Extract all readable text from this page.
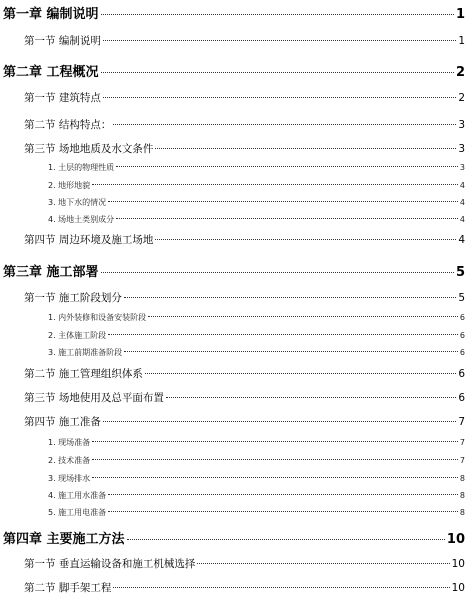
第一章 编制说明	1
第一节 编制说明	1
第二章 工程概况	2
第一节 建筑特点	2
第二节 结构特点：	3
第三节 场地地质及水文条件	3
1. 土层的物理性质	3
2. 地形地貌	4
3. 地下水的情况	4
4. 场地土类别成分	4
第四节 周边环境及施工场地	4
第三章 施工部署	5
第一节 施工阶段划分	5
1. 内外装修和设备安装阶段	6
2. 主体施工阶段	6
3. 施工前期准备阶段	6
第二节 施工管理组织体系	6
第三节 场地使用及总平面布置	6
第四节 施工准备	7
1. 现场准备	7
2. 技术准备	7
3. 现场排水	8
4. 施工用水准备	8
5. 施工用电准备	8
第四章 主要施工方法	10
第一节 垂直运输设备和施工机械选择	10
第二节 脚手架工程	10
